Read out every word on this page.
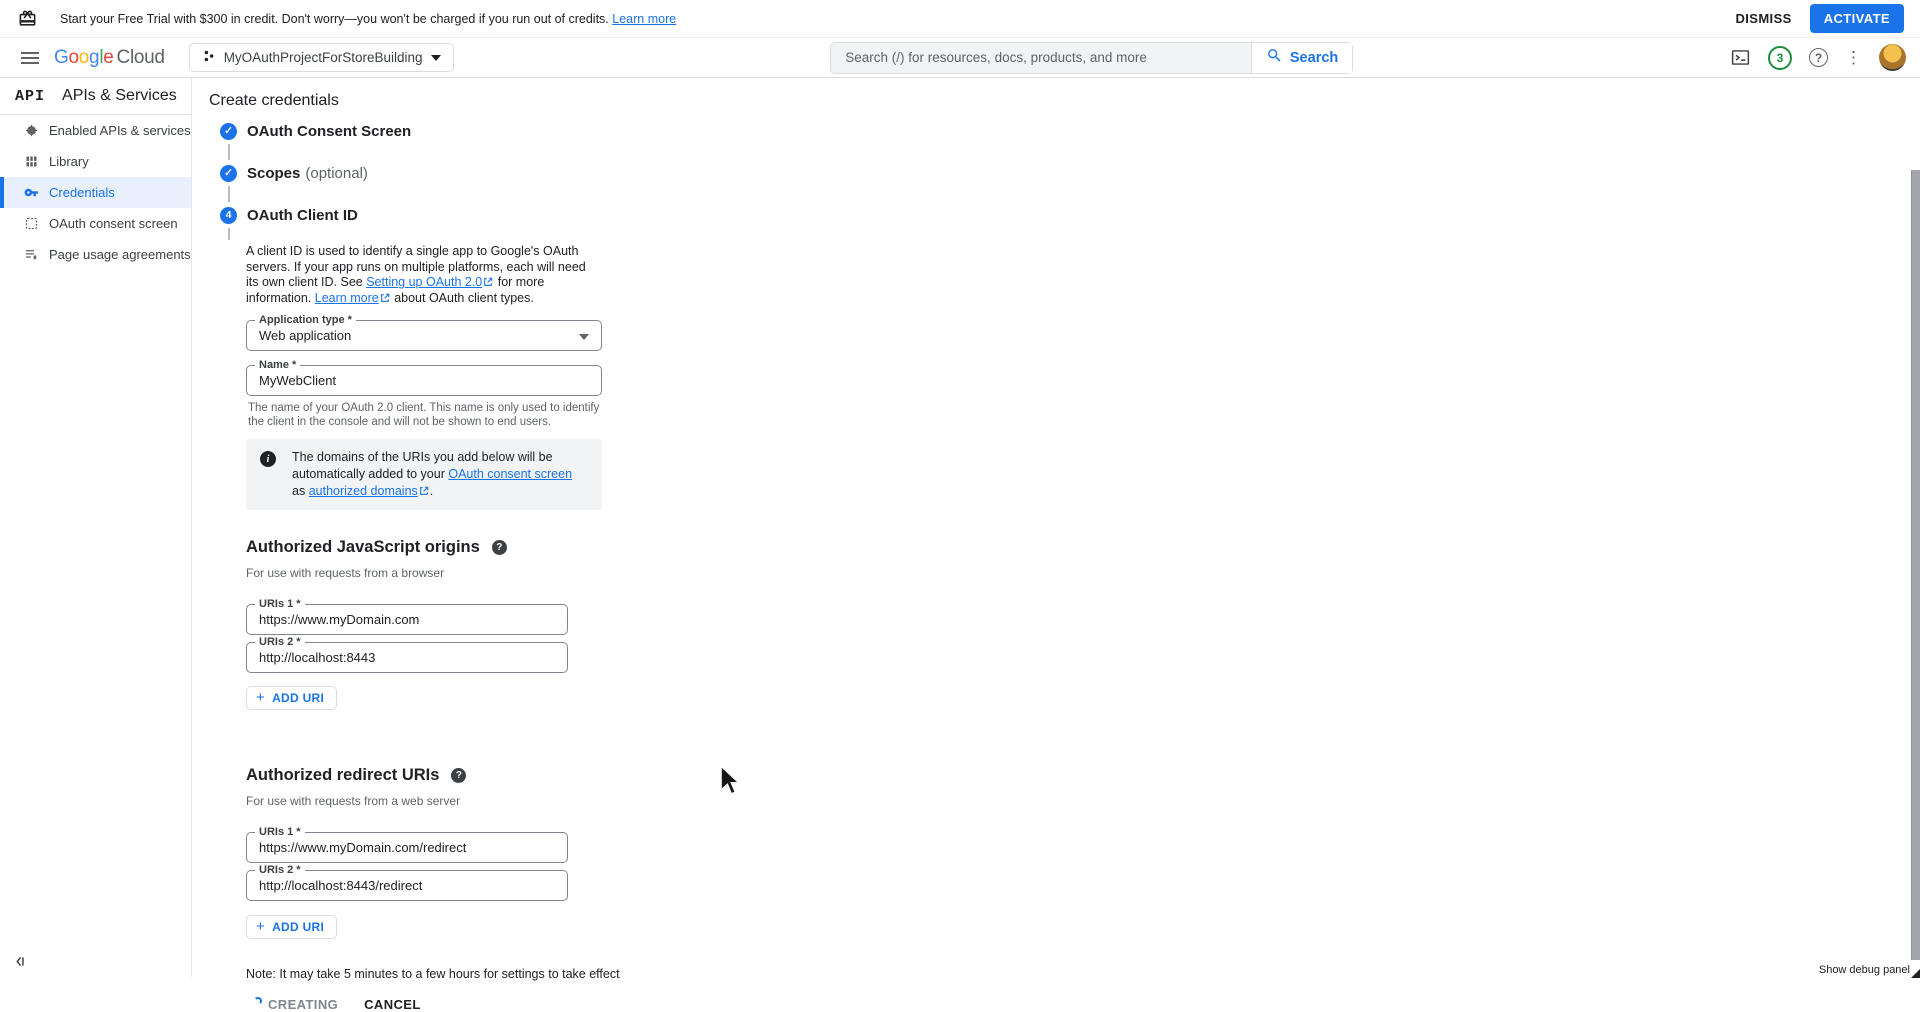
Start your Free Trial with $300 in credit. Don't worry—you won't be charged if you run out of credits. Learn more	DISMISS	ACTIVATE
Google Cloud	MyOAuthProjectForStoreBuilding
Search (/) for resources, docs, products, and more	Search	3	?	⋮
API APIs & Services
Enabled APIs & services
Library
Credentials
OAuth consent screen
Page usage agreements
Create credentials
✓ OAuth Consent Screen
✓ Scopes (optional)
4	OAuth Client ID

A client ID is used to identify a single app to Google's OAuth servers. If your app runs on multiple platforms, each will need its own client ID. See Setting up OAuth 2.0 for more information. Learn more about OAuth client types.

Application type *
Web application
Name *
MyWebClient
The name of your OAuth 2.0 client. This name is only used to identify the client in the console and will not be shown to end users.
i	The domains of the URIs you add below will be automatically added to your OAuth consent screen as authorized domains .
Authorized JavaScript origins	?
For use with requests from a browser
URIs 1 *
https://www.myDomain.com
URIs 2 *
http://localhost:8443
+ ADD URI
Authorized redirect URIs	?
For use with requests from a web server
URIs 1 *
https://www.myDomain.com/redirect
URIs 2 *
http://localhost:8443/redirect
+ ADD URI
Note: It may take 5 minutes to a few hours for settings to take effect
CREATING CANCEL
Show debug panel
